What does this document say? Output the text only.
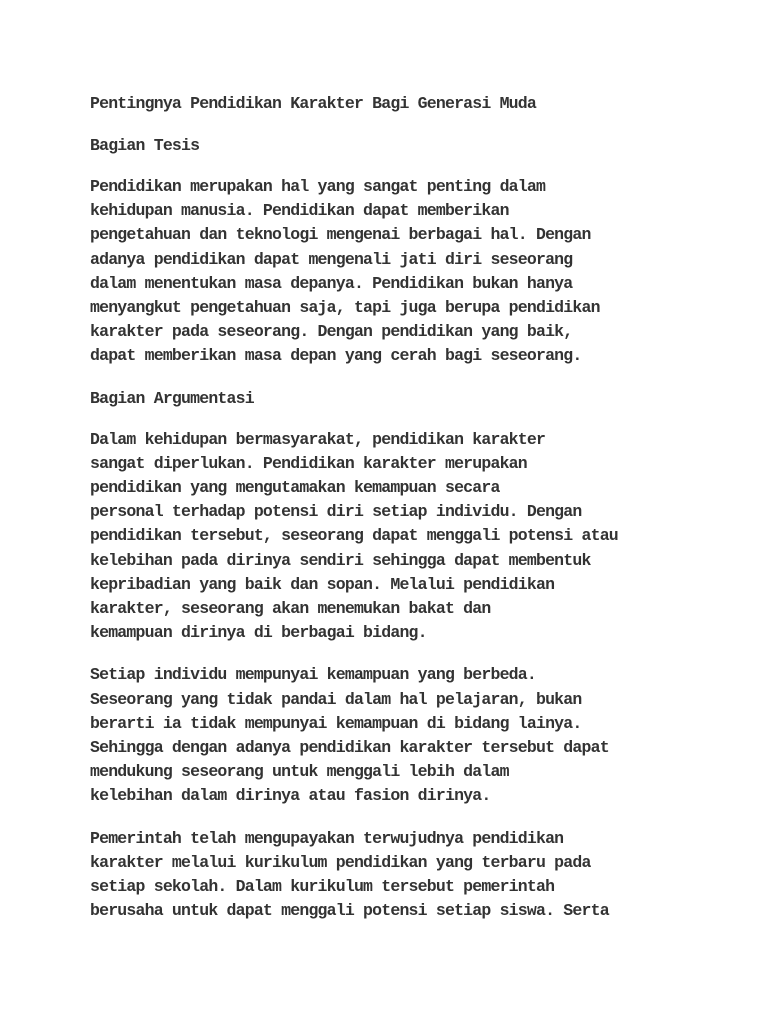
Pentingnya Pendidikan Karakter Bagi Generasi Muda

Bagian Tesis

Pendidikan merupakan hal yang sangat penting dalam
kehidupan manusia. Pendidikan dapat memberikan
pengetahuan dan teknologi mengenai berbagai hal. Dengan
adanya pendidikan dapat mengenali jati diri seseorang
dalam menentukan masa depanya. Pendidikan bukan hanya
menyangkut pengetahuan saja, tapi juga berupa pendidikan
karakter pada seseorang. Dengan pendidikan yang baik,
dapat memberikan masa depan yang cerah bagi seseorang.

Bagian Argumentasi

Dalam kehidupan bermasyarakat, pendidikan karakter
sangat diperlukan. Pendidikan karakter merupakan
pendidikan yang mengutamakan kemampuan secara
personal terhadap potensi diri setiap individu. Dengan
pendidikan tersebut, seseorang dapat menggali potensi atau
kelebihan pada dirinya sendiri sehingga dapat membentuk
kepribadian yang baik dan sopan. Melalui pendidikan
karakter, seseorang akan menemukan bakat dan
kemampuan dirinya di berbagai bidang.

Setiap individu mempunyai kemampuan yang berbeda.
Seseorang yang tidak pandai dalam hal pelajaran, bukan
berarti ia tidak mempunyai kemampuan di bidang lainya.
Sehingga dengan adanya pendidikan karakter tersebut dapat
mendukung seseorang untuk menggali lebih dalam
kelebihan dalam dirinya atau fasion dirinya.

Pemerintah telah mengupayakan terwujudnya pendidikan
karakter melalui kurikulum pendidikan yang terbaru pada
setiap sekolah. Dalam kurikulum tersebut pemerintah
berusaha untuk dapat menggali potensi setiap siswa. Serta
